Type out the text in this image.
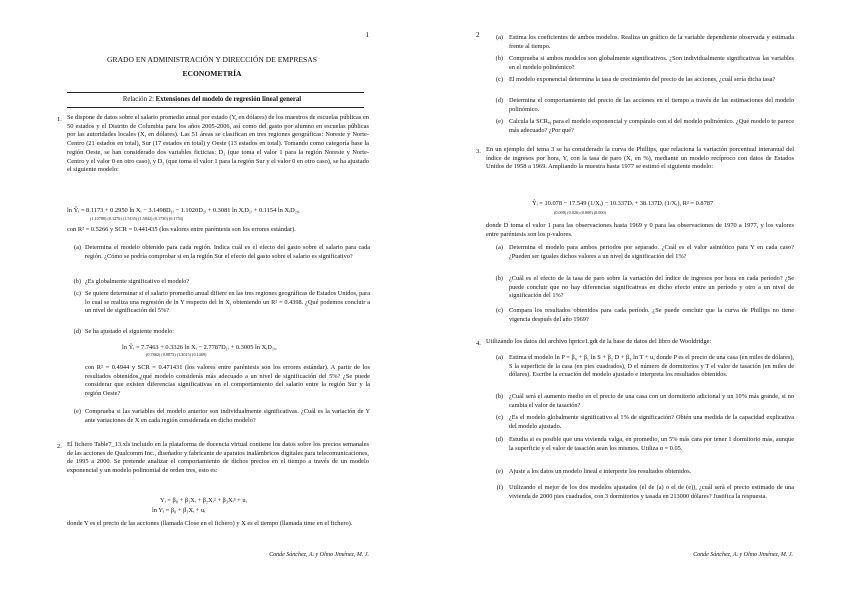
1
GRADO EN ADMINISTRACIÓN Y DIRECCIÓN DE EMPRESAS
ECONOMETRÍA
Relación 2: Extensiones del modelo de regresión lineal general
1. Se dispone de datos sobre el salario promedio anual por estado (Y, en dólares) de los maestros de escuelas públicas en 50 estados y el Distrito de Columbia para los años 2005-2006, así como del gasto por alumno en escuelas públicas por las autoridades locales (X, en dólares). Las 51 áreas se clasifican en tres regiones geográficas: Noreste y Norte-Centro (21 estados en total), Sur (17 estados en total) y Oeste (13 estados en total). Tomando como categoría base la región Oeste, se han considerado dos variables ficticias: D₁ (que toma el valor 1 para la región Noreste y Norte-Centro y el valor 0 en otro caso), y D₂ (que toma el valor 1 para la región Sur y el valor 0 en otro caso), se ha ajustado el siguiente modelo:
ln Ŷᵢ = 8.1173 + 0.2950 ln Xᵢ − 3.1498D₁ᵢ − 1.1020D₂ᵢ + 0.3081 ln XᵢD₁ᵢ + 0.1154 ln XᵢD₂ᵢ,
(1.10788) (0.1276) (1.5135) (1.5842) (0.1730) (0.1754)
con R² = 0.5266 y SCR = 0.441435 (los valores entre paréntesis son los errores estándar).
(a) Determina el modelo obtenido para cada región. Indica cuál es el efecto del gasto sobre el salario para cada región. ¿Cómo se podría comprobar si en la región Sur el efecto del gasto sobre el salario es significativo?
(b) ¿Es globalmente significativo el modelo?
(c) Se quiere determinar si el salario promedio anual difiere en las tres regiones geográficas de Estados Unidos, para lo cual se realiza una regresión de ln Y respecto del ln X, obteniendo un R² = 0.4398. ¿Qué podemos concluir a un nivel de significación del 5%?
(d) Se ha ajustado el siguiente modelo:
ln Ŷᵢ = 7.7463 + 0.3326 ln Xᵢ − 2.7787D₁ᵢ + 0.3005 ln XᵢD₁ᵢ,
(0.7862) (0.0873) (1.3015) (0.1469)
con R² = 0.4944 y SCR = 0.471431 (los valores entre paréntesis son los errores estándar). A partir de los resultados obtenidos,¿qué modelo considerás más adecuado a un nivel de significación del 5%? ¿Se puede considerar que existen diferencias significativas en el comportamiento del salario entre la región Sur y la región Oeste?
(e) Comprueba si las variables del modelo anterior son individualmente significativas. ¿Cuál es la variación de Y ante variaciones de X en cada región considerada en dicho modelo?
2. El fichero Table7_13.xls incluido en la plataforma de docencia virtual contiene los datos sobre los precios semanales de las acciones de Qualcomm Inc., diseñador y fabricante de aparatos inalámbricos digitales para telecomunicaciones, de 1995 a 2000. Se pretende analizar el comportamiento de dichos precios en el tiempo a través de un modelo exponencial y un modelo polinomial de orden tres, esto es:
Yᵢ = β₀ + β₁Xᵢ + β₂Xᵢ² + β₃Xᵢ³ + uᵢ
ln Yᵢ = β₀ + β₁Xᵢ + uᵢ
donde Y es el precio de las acciones (llamada Close en el fichero) y X es el tiempo (llamada time en el fichero).
Conde Sánchez, A. y Olmo Jiménez, M. J.
2	(a) Estima los coeficientes de ambos modelos. Realiza un gráfico de la variable dependiente observada y estimada frente al tiempo.
(b) Comprueba si ambos modelos son globalmente significativos. ¿Son individualmente significativas las variables en el modelo polinómico?
(c) El modelo exponencial determina la tasa de crecimiento del precio de las acciones, ¿cuál sería dicha tasa?
(d) Determina el comportamiento del precio de las acciones en el tiempo a través de las estimaciones del modelo polinómico.
(e) Calcula la SCRₑᵧ para el modelo exponencial y compáralo con el del modelo polinómico. ¿Qué modelo te parece más adecuado? ¿Por qué?
3. En un ejemplo del tema 3 se ha considerado la curva de Phillips, que relaciona la variación porcentual interanual del índice de ingresos por hora, Y, con la tasa de paro (X, en %), mediante un modelo recíproco con datos de Estados Unidos de 1958 a 1969. Ampliando la muestra hasta 1977 se estimó el siguiente modelo:
Ŷᵢ = 10.078 − 17.549 (1/Xᵢ) − 10.337Dᵢ + 38.137Dᵢ (1/Xᵢ), R² = 0.8787
(0.000) (0.026) (0.000) (0.000)
donde D toma el valor 1 para las observaciones hasta 1969 y 0 para las observaciones de 1970 a 1977, y los valores entre paréntesis son los p-valores.
(a) Determina el modelo para ambos periodos por separado. ¿Cuál es el valor asintótico para Y en cada caso? ¿Pueden ser iguales dichos valores a un nivel de significación del 1%?
(b) ¿Cuál es el efecto de la tasa de paro sobre la variación del índice de ingresos por hora en cada período? ¿Se puede concluir que no hay diferencias significativas en dicho efecto entre un período y otro a un nivel de significación del 1%?
(c) Compara los resultados obtenidos para cada período. ¿Se puede concluir que la curva de Phillips no tiene vigencia después del año 1969?
4. Utilizando los datos del archivo hprice1.gdt de la base de datos del libro de Wooldridge:
(a) Estima el modelo ln P = β₀ + β₁ ln S + β₂ D + β₃ ln T + u, donde P es el precio de una casa (en miles de dólares), S la superficie de la casa (en pies cuadrados), D el número de dormitorios y T el valor de tasación (en miles de dólares). Escribe la ecuación del modelo ajustado e interpreta los resultados obtenidos.
(b) ¿Cuál será el aumento medio en el precio de una casa con un dormitorio adicional y un 10% más grande, si no cambia el valor de tasación?
(c) ¿Es el modelo globalmente significativo al 1% de significación? Obtén una medida de la capacidad explicativa del modelo ajustado.
(d) Estudia si es posible que una vivienda valga, en promedio, un 5% más cara por tener 1 dormitorio más, aunque la superficie y el valor de tasación sean los mismos. Utiliza α = 0.05.
(e) Ajuste a los datos un modelo lineal e interprete los resultados obtenidos.
(f) Utilizando el mejor de los dos modelos ajustados (el de (a) o el de (e)), ¿cuál será el precio estimado de una vivienda de 2000 pies cuadrados, con 3 dormitorios y tasada en 213000 dólares? Justifica la respuesta.
Conde Sánchez, A. y Olmo Jiménez, M. J.
